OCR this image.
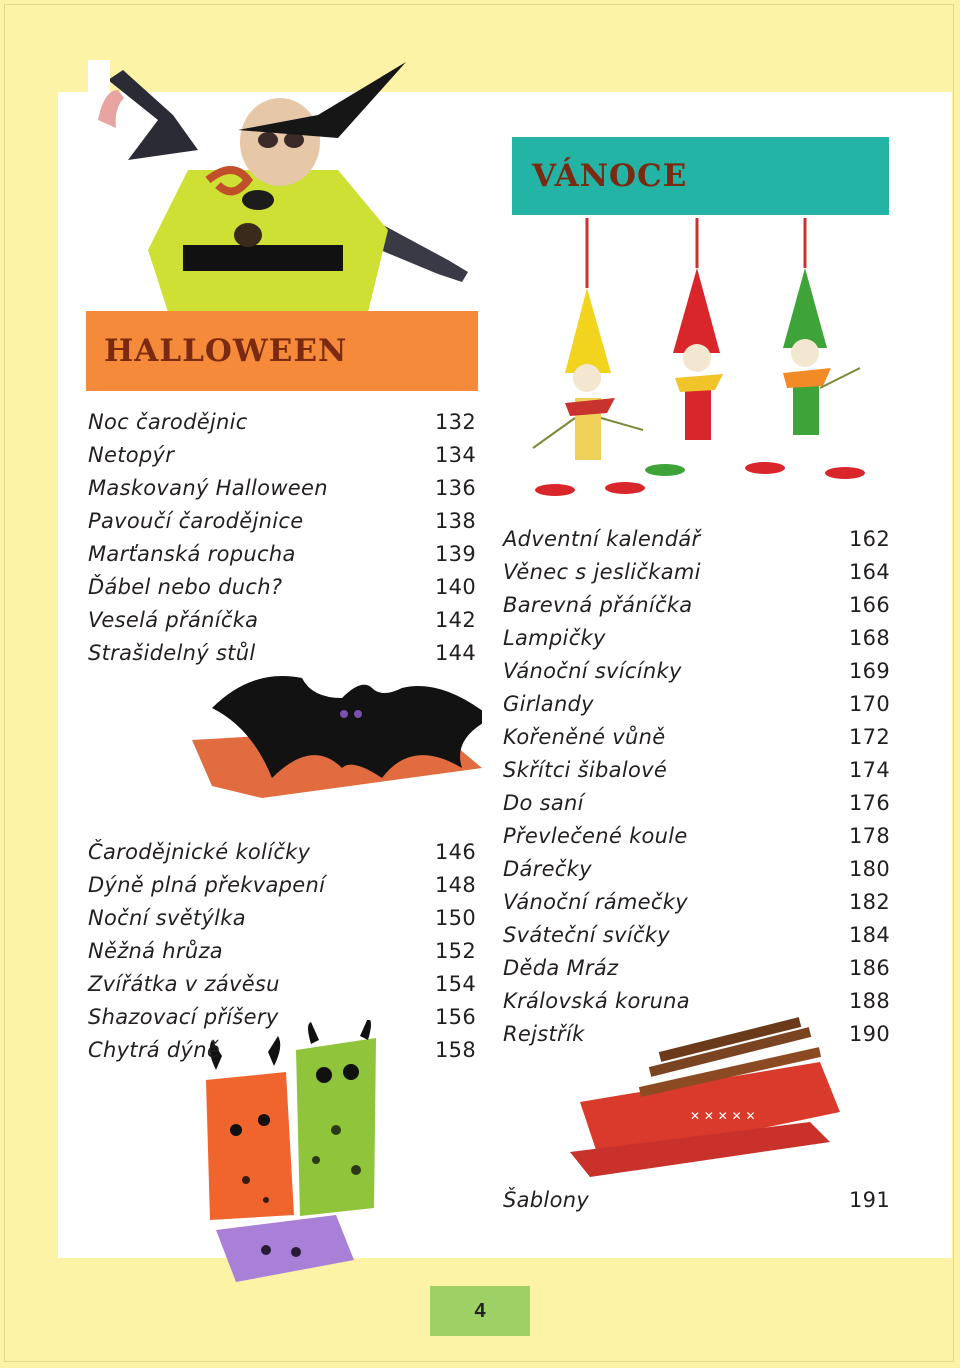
✕ ✕ ✕ ✕ ✕
HALLOWEEN
VÁNOCE
Noc čarodějnic	132
Netopýr	134
Maskovaný Halloween	136
Pavoučí čarodějnice	138
Marťanská ropucha	139
Ďábel nebo duch?	140
Veselá přáníčka	142
Strašidelný stůl	144
Čarodějnické kolíčky	146
Dýně plná překvapení	148
Noční světýlka	150
Něžná hrůza	152
Zvířátka v závěsu	154
Shazovací příšery	156
Chytrá dýně	158
Adventní kalendář	162
Věnec s jesličkami	164
Barevná přáníčka	166
Lampičky	168
Vánoční svícínky	169
Girlandy	170
Kořeněné vůně	172
Skřítci šibalové	174
Do saní	176
Převlečené koule	178
Dárečky	180
Vánoční rámečky	182
Sváteční svíčky	184
Děda Mráz	186
Královská koruna	188
Rejstřík	190
Šablony	191
4
